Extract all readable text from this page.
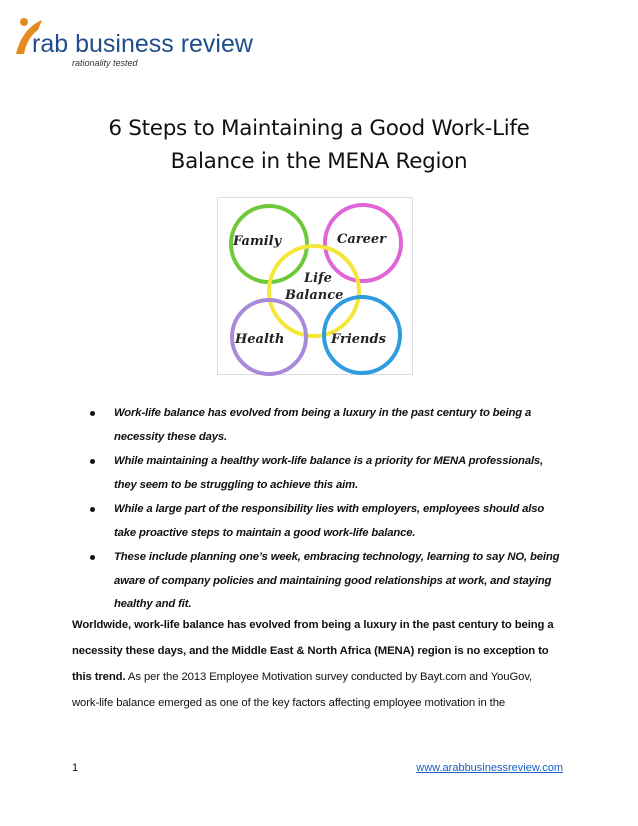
rab business review
rationality tested
6 Steps to Maintaining a Good Work-Life
Balance in the MENA Region
Family	Career
Life
Balance
Health	Friends
Work-life balance has evolved from being a luxury in the past century to being a
necessity these days.
While maintaining a healthy work-life balance is a priority for MENA professionals,
they seem to be struggling to achieve this aim.
While a large part of the responsibility lies with employers, employees should also
take proactive steps to maintain a good work-life balance.
These include planning one’s week, embracing technology, learning to say NO, being
aware of company policies and maintaining good relationships at work, and staying
healthy and fit.

Worldwide, work-life balance has evolved from being a luxury in the past century to being a
necessity these days, and the Middle East & North Africa (MENA) region is no exception to
this trend. As per the 2013 Employee Motivation survey conducted by Bayt.com and YouGov,
work-life balance emerged as one of the key factors affecting employee motivation in the

1	www.arabbusinessreview.com
